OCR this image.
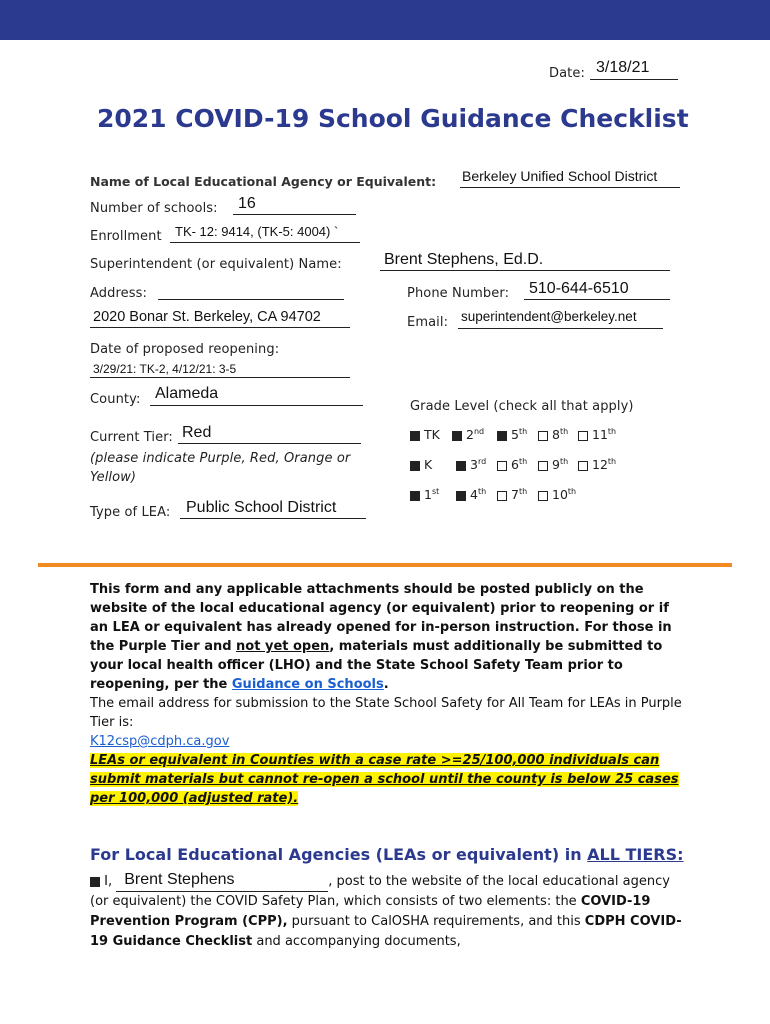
Date: 3/18/21
2021 COVID-19 School Guidance Checklist
Name of Local Educational Agency or Equivalent: Berkeley Unified School District
Number of schools: 16
Enrollment TK- 12: 9414, (TK-5: 4004) `
Superintendent (or equivalent) Name:	Brent Stephens, Ed.D.
Address:
2020 Bonar St. Berkeley, CA 94702
Phone Number: 510-644-6510
Email: superintendent@berkeley.net
Date of proposed reopening:
3/29/21: TK-2, 4/12/21: 3-5
County: Alameda
Current Tier: Red
(please indicate Purple, Red, Orange or Yellow)
Type of LEA: Public School District
Grade Level (check all that apply)
TK	2nd	5th	8th	11th
K	3rd	6th	9th	12th
1st	4th	7th	10th
This form and any applicable attachments should be posted publicly on the website of the local educational agency (or equivalent) prior to reopening or if an LEA or equivalent has already opened for in-person instruction. For those in the Purple Tier and not yet open, materials must additionally be submitted to your local health officer (LHO) and the State School Safety Team prior to reopening, per the Guidance on Schools.
The email address for submission to the State School Safety for All Team for LEAs in Purple Tier is:
K12csp@cdph.ca.gov
LEAs or equivalent in Counties with a case rate >=25/100,000 individuals can submit materials but cannot re-open a school until the county is below 25 cases per 100,000 (adjusted rate).
For Local Educational Agencies (LEAs or equivalent) in ALL TIERS:
I, Brent Stephens	, post to the website of the local educational agency (or equivalent) the COVID Safety Plan, which consists of two elements: the COVID-19 Prevention Program (CPP), pursuant to CalOSHA requirements, and this CDPH COVID-19 Guidance Checklist and accompanying documents,
